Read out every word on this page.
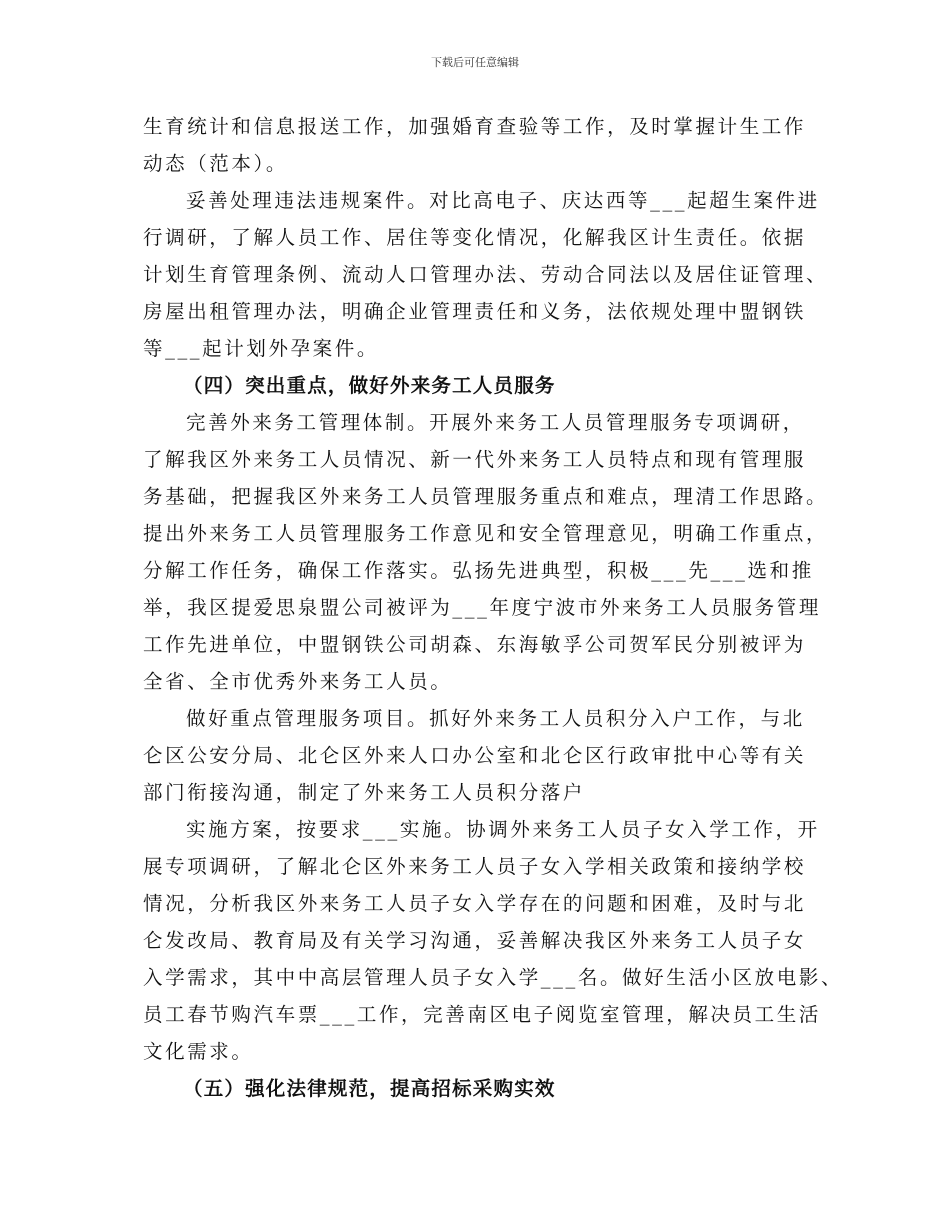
下载后可任意编辑
生育统计和信息报送工作，加强婚育查验等工作，及时掌握计生工作
动态（范本）。
妥善处理违法违规案件。对比高电子、庆达西等___起超生案件进
行调研，了解人员工作、居住等变化情况，化解我区计生责任。依据
计划生育管理条例、流动人口管理办法、劳动合同法以及居住证管理、
房屋出租管理办法，明确企业管理责任和义务，法依规处理中盟钢铁
等___起计划外孕案件。
（四）突出重点，做好外来务工人员服务
完善外来务工管理体制。开展外来务工人员管理服务专项调研，
了解我区外来务工人员情况、新一代外来务工人员特点和现有管理服
务基础，把握我区外来务工人员管理服务重点和难点，理清工作思路。
提出外来务工人员管理服务工作意见和安全管理意见，明确工作重点，
分解工作任务，确保工作落实。弘扬先进典型，积极___先___选和推
举，我区提爱思泉盟公司被评为___年度宁波市外来务工人员服务管理
工作先进单位，中盟钢铁公司胡森、东海敏孚公司贺军民分别被评为
全省、全市优秀外来务工人员。
做好重点管理服务项目。抓好外来务工人员积分入户工作，与北
仑区公安分局、北仑区外来人口办公室和北仑区行政审批中心等有关
部门衔接沟通，制定了外来务工人员积分落户
实施方案，按要求___实施。协调外来务工人员子女入学工作，开
展专项调研，了解北仑区外来务工人员子女入学相关政策和接纳学校
情况，分析我区外来务工人员子女入学存在的问题和困难，及时与北
仑发改局、教育局及有关学习沟通，妥善解决我区外来务工人员子女
入学需求，其中中高层管理人员子女入学___名。做好生活小区放电影、
员工春节购汽车票___工作，完善南区电子阅览室管理，解决员工生活
文化需求。
（五）强化法律规范，提高招标采购实效
